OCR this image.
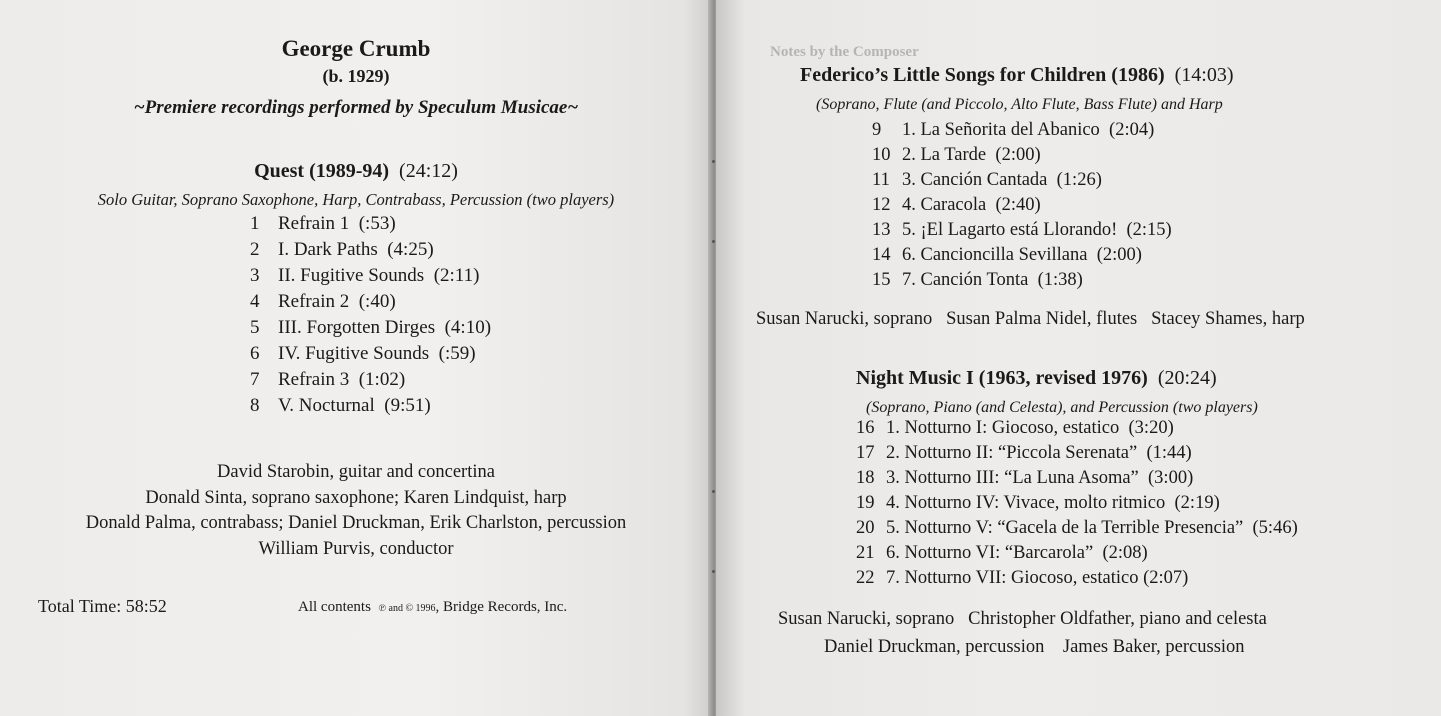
George Crumb
(b. 1929)
~Premiere recordings performed by Speculum Musicae~
Quest (1989-94) (24:12)
Solo Guitar, Soprano Saxophone, Harp, Contrabass, Percussion (two players)
1 Refrain 1 (:53)
2 I. Dark Paths (4:25)
3 II. Fugitive Sounds (2:11)
4 Refrain 2 (:40)
5 III. Forgotten Dirges (4:10)
6 IV. Fugitive Sounds (:59)
7 Refrain 3 (1:02)
8 V. Nocturnal (9:51)
David Starobin, guitar and concertina
Donald Sinta, soprano saxophone; Karen Lindquist, harp
Donald Palma, contrabass; Daniel Druckman, Erik Charlston, percussion
William Purvis, conductor
Total Time: 58:52	All contents ℗ and © 1996, Bridge Records, Inc.
Notes by the Composer
Federico’s Little Songs for Children (1986) (14:03)
(Soprano, Flute (and Piccolo, Alto Flute, Bass Flute) and Harp
9 1. La Señorita del Abanico (2:04)
10 2. La Tarde (2:00)
11 3. Canción Cantada (1:26)
12 4. Caracola (2:40)
13 5. ¡El Lagarto está Llorando! (2:15)
14 6. Cancioncilla Sevillana (2:00)
15 7. Canción Tonta (1:38)
Susan Narucki, soprano   Susan Palma Nidel, flutes   Stacey Shames, harp
Night Music I (1963, revised 1976) (20:24)
(Soprano, Piano (and Celesta), and Percussion (two players)
16 1. Notturno I: Giocoso, estatico (3:20)
17 2. Notturno II: “Piccola Serenata” (1:44)
18 3. Notturno III: “La Luna Asoma” (3:00)
19 4. Notturno IV: Vivace, molto ritmico (2:19)
20 5. Notturno V: “Gacela de la Terrible Presencia” (5:46)
21 6. Notturno VI: “Barcarola” (2:08)
22 7. Notturno VII: Giocoso, estatico (2:07)
Susan Narucki, soprano   Christopher Oldfather, piano and celesta
Daniel Druckman, percussion    James Baker, percussion
